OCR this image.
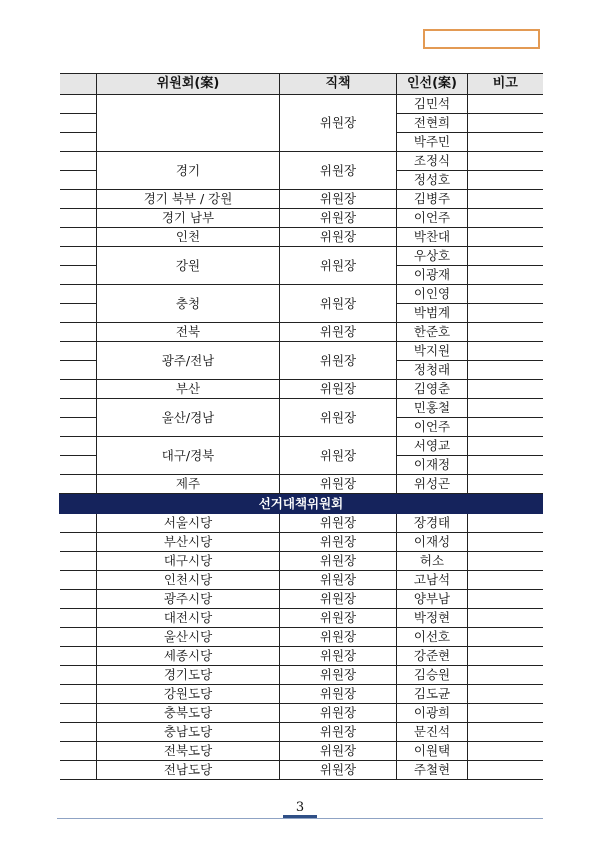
	위원회(案)	직책	인선(案)	비고
		위원장	김민석	
			전현희	
			박주민	
	경기	위원장	조정식	
			정성호	
	경기 북부 / 강원	위원장	김병주	
	경기 남부	위원장	이언주	
	인천	위원장	박찬대	
	강원	위원장	우상호	
			이광재	
	충청	위원장	이인영	
			박범계	
	전북	위원장	한준호	
	광주/전남	위원장	박지원	
			정청래	
	부산	위원장	김영춘	
	울산/경남	위원장	민홍철	
			이언주	
	대구/경북	위원장	서영교	
			이재정	
	제주	위원장	위성곤	
선거대책위원회				
	서울시당	위원장	장경태	
	부산시당	위원장	이재성	
	대구시당	위원장	허소	
	인천시당	위원장	고남석	
	광주시당	위원장	양부남	
	대전시당	위원장	박정현	
	울산시당	위원장	이선호	
	세종시당	위원장	강준현	
	경기도당	위원장	김승원	
	강원도당	위원장	김도균	
	충북도당	위원장	이광희	
	충남도당	위원장	문진석	
	전북도당	위원장	이원택	
	전남도당	위원장	주철현	
3
